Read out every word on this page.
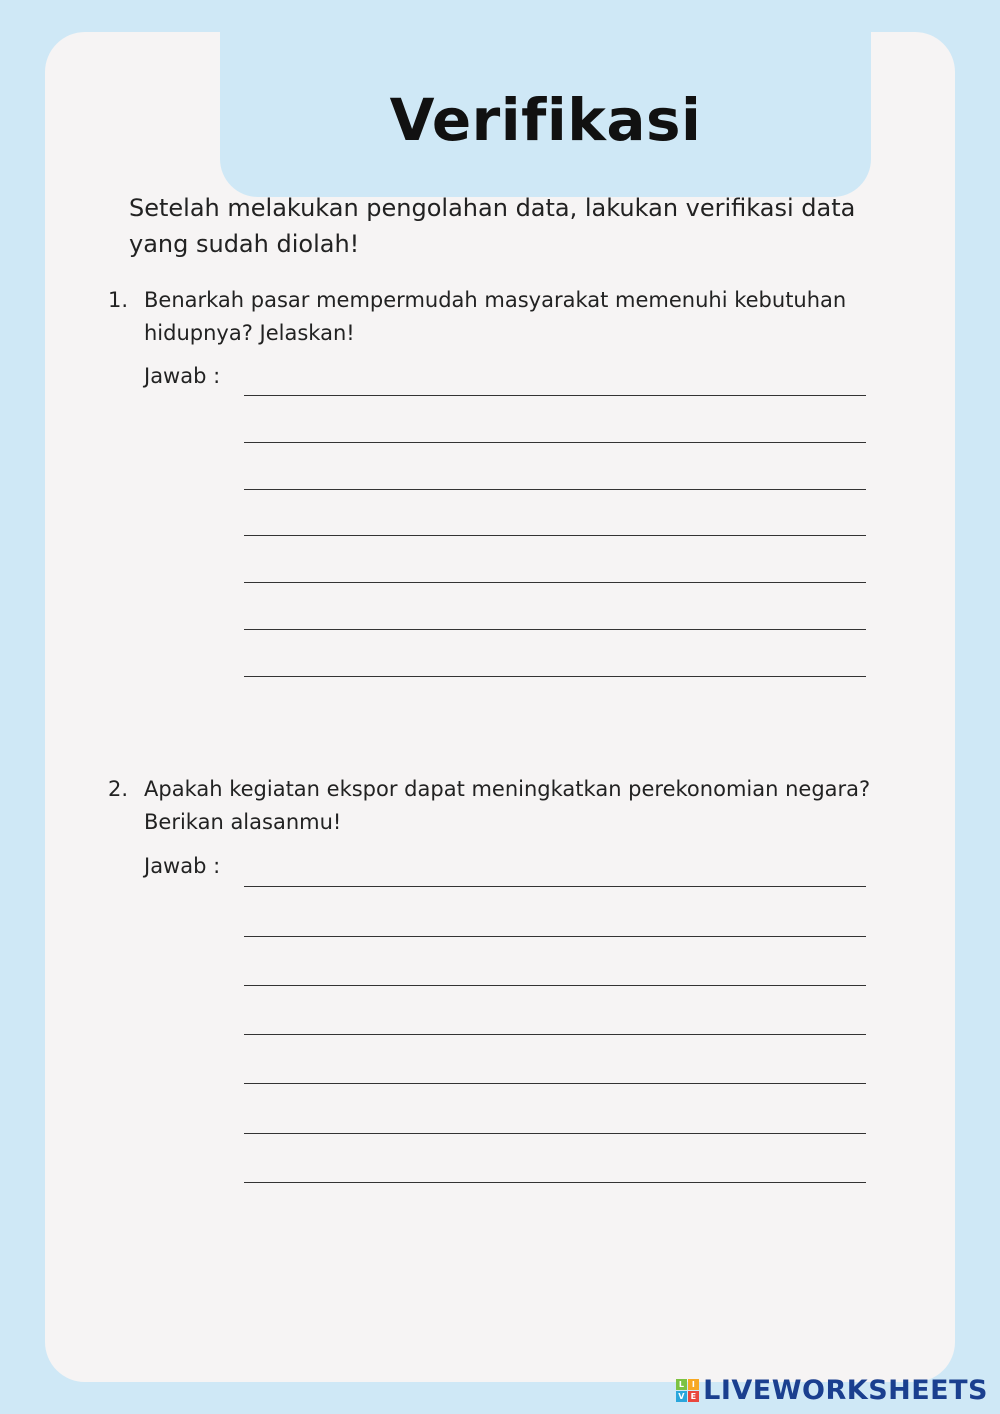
Verifikasi

Setelah melakukan pengolahan data, lakukan verifikasi data yang sudah diolah!

1. Benarkah pasar mempermudah masyarakat memenuhi kebutuhan hidupnya? Jelaskan!

Jawab :
2. Apakah kegiatan ekspor dapat meningkatkan perekonomian negara? Berikan alasanmu!

Jawab :
L I
V E LIVEWORKSHEETS
